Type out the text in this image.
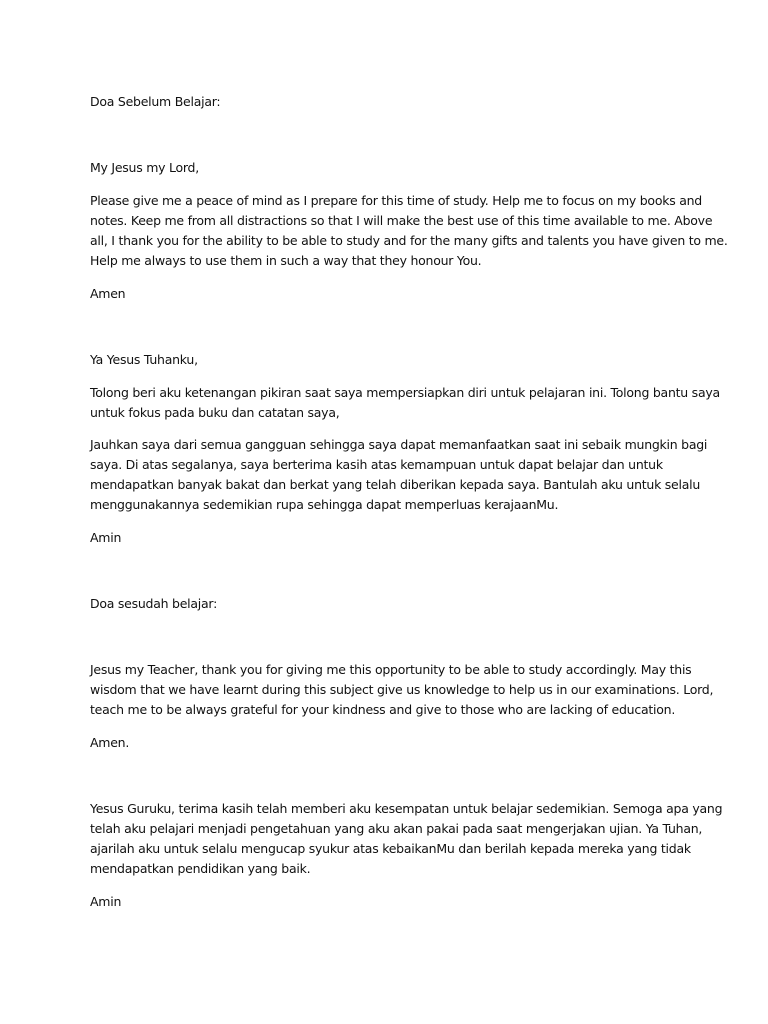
Doa Sebelum Belajar:

My Jesus my Lord,

Please give me a peace of mind as I prepare for this time of study. Help me to focus on my books and
notes. Keep me from all distractions so that I will make the best use of this time available to me. Above
all, I thank you for the ability to be able to study and for the many gifts and talents you have given to me.
Help me always to use them in such a way that they honour You.

Amen

Ya Yesus Tuhanku,

Tolong beri aku ketenangan pikiran saat saya mempersiapkan diri untuk pelajaran ini. Tolong bantu saya
untuk fokus pada buku dan catatan saya,

Jauhkan saya dari semua gangguan sehingga saya dapat memanfaatkan saat ini sebaik mungkin bagi
saya. Di atas segalanya, saya berterima kasih atas kemampuan untuk dapat belajar dan untuk
mendapatkan banyak bakat dan berkat yang telah diberikan kepada saya. Bantulah aku untuk selalu
menggunakannya sedemikian rupa sehingga dapat memperluas kerajaanMu.

Amin

Doa sesudah belajar:

Jesus my Teacher, thank you for giving me this opportunity to be able to study accordingly. May this
wisdom that we have learnt during this subject give us knowledge to help us in our examinations. Lord,
teach me to be always grateful for your kindness and give to those who are lacking of education.

Amen.

Yesus Guruku, terima kasih telah memberi aku kesempatan untuk belajar sedemikian. Semoga apa yang
telah aku pelajari menjadi pengetahuan yang aku akan pakai pada saat mengerjakan ujian. Ya Tuhan,
ajarilah aku untuk selalu mengucap syukur atas kebaikanMu dan berilah kepada mereka yang tidak
mendapatkan pendidikan yang baik.

Amin
